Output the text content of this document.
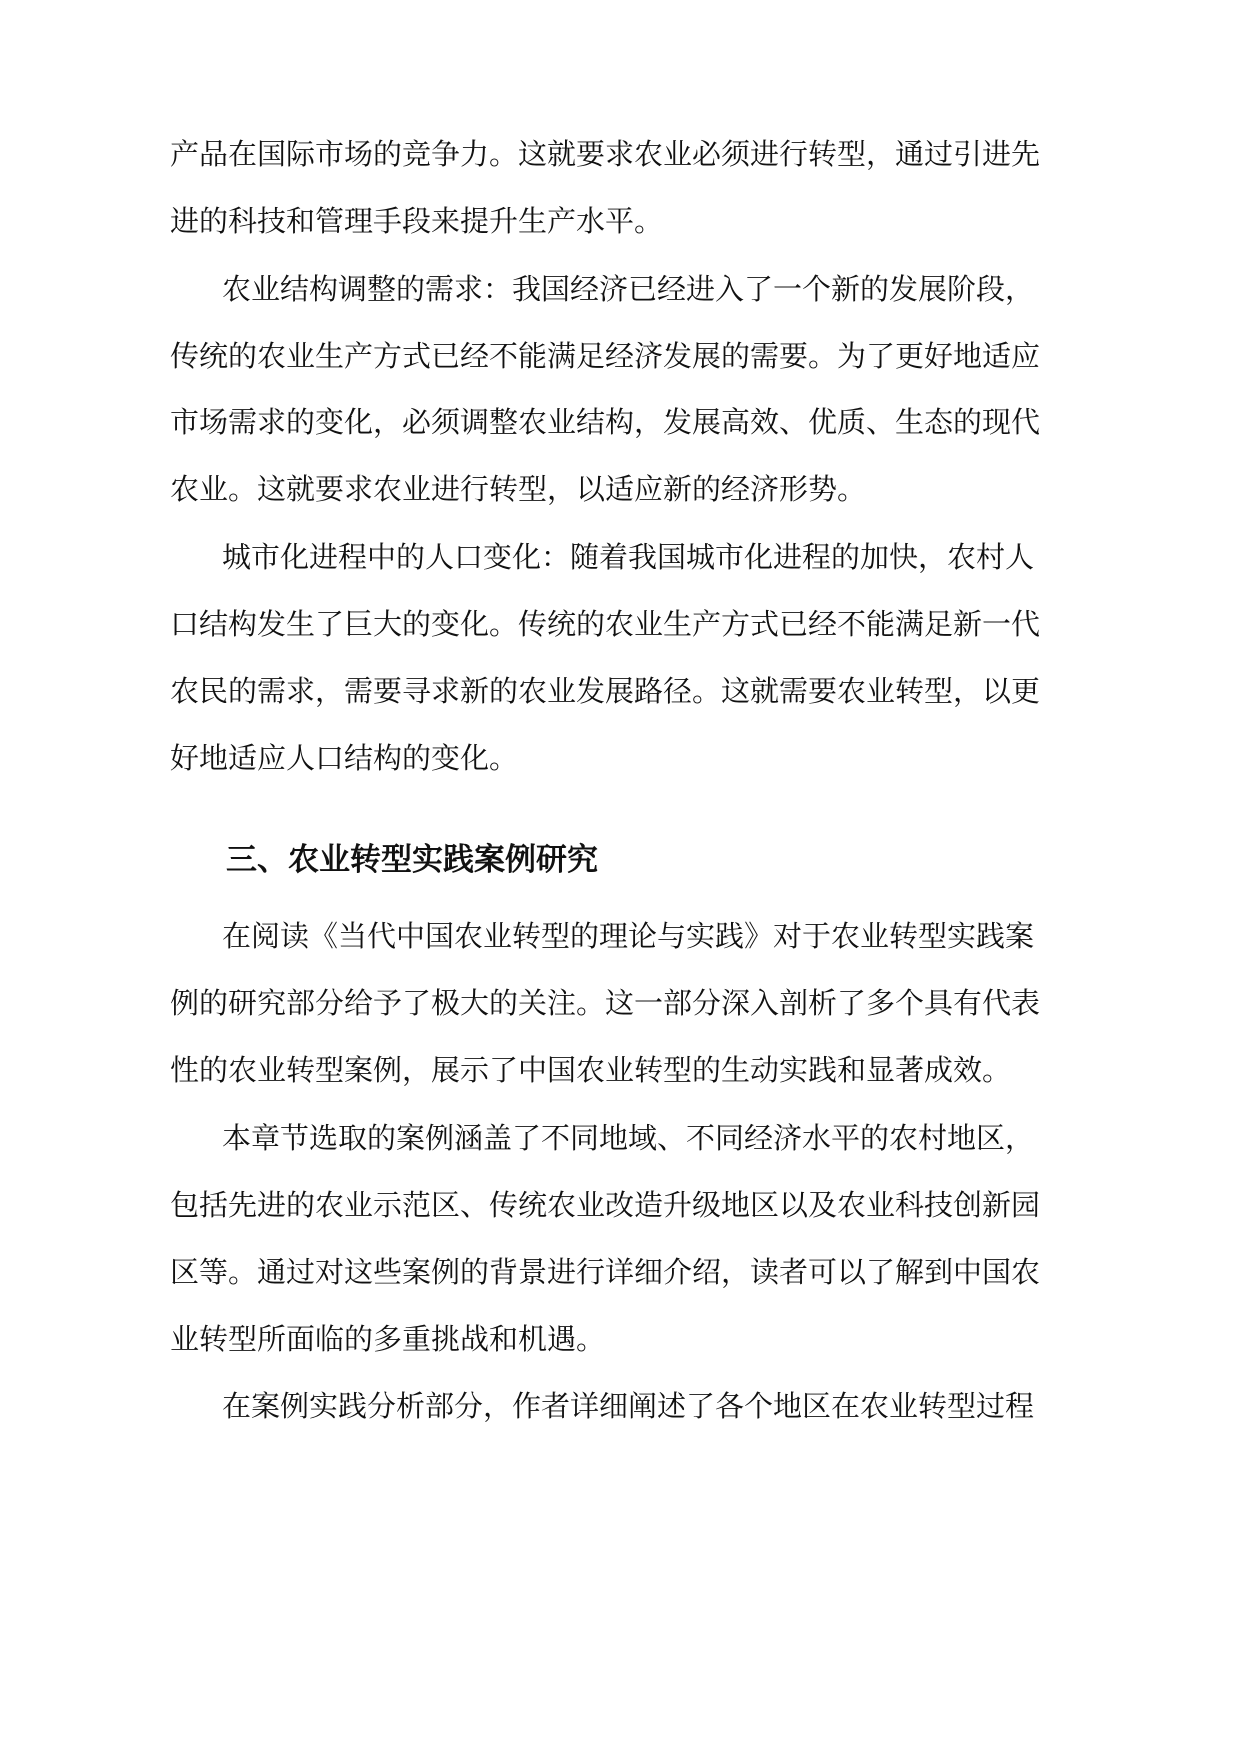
产品在国际市场的竞争力。这就要求农业必须进行转型，通过引进先
进的科技和管理手段来提升生产水平。
农业结构调整的需求：我国经济已经进入了一个新的发展阶段，
传统的农业生产方式已经不能满足经济发展的需要。为了更好地适应
市场需求的变化，必须调整农业结构，发展高效、优质、生态的现代
农业。这就要求农业进行转型，以适应新的经济形势。
城市化进程中的人口变化：随着我国城市化进程的加快，农村人
口结构发生了巨大的变化。传统的农业生产方式已经不能满足新一代
农民的需求，需要寻求新的农业发展路径。这就需要农业转型，以更
好地适应人口结构的变化。
三、农业转型实践案例研究
在阅读《当代中国农业转型的理论与实践》对于农业转型实践案
例的研究部分给予了极大的关注。这一部分深入剖析了多个具有代表
性的农业转型案例，展示了中国农业转型的生动实践和显著成效。
本章节选取的案例涵盖了不同地域、不同经济水平的农村地区，
包括先进的农业示范区、传统农业改造升级地区以及农业科技创新园
区等。通过对这些案例的背景进行详细介绍，读者可以了解到中国农
业转型所面临的多重挑战和机遇。
在案例实践分析部分，作者详细阐述了各个地区在农业转型过程
